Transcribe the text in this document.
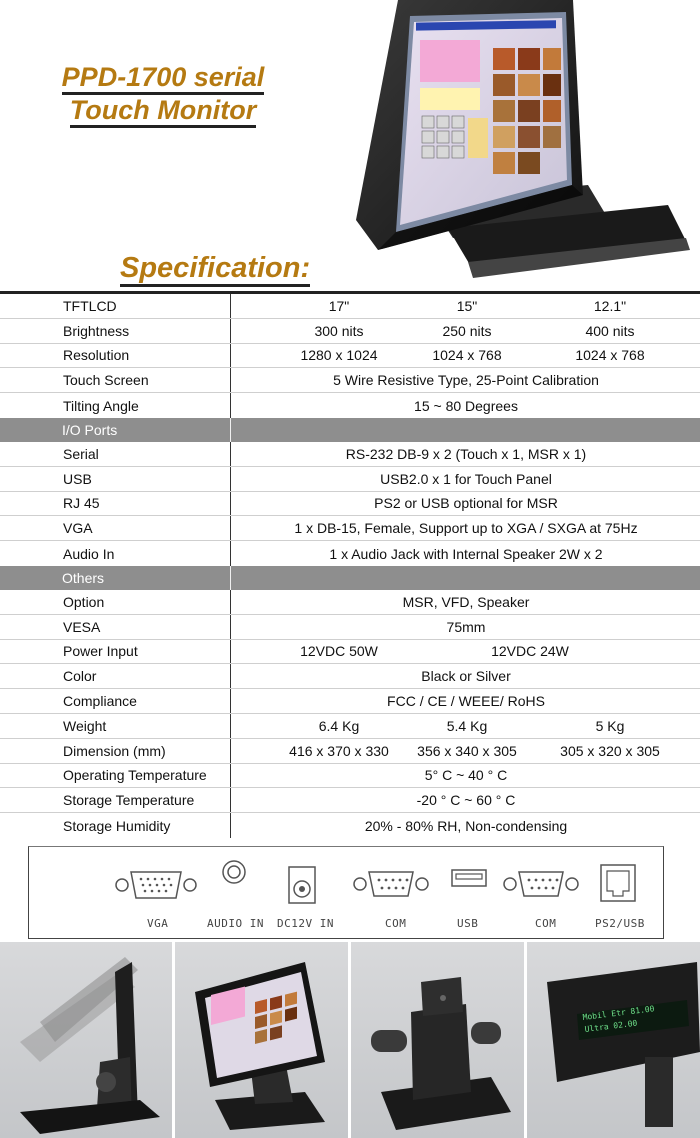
PPD-1700 serial
Touch Monitor
Specification:
TFTLCD	17"	15"	12.1"
Brightness	300 nits	250 nits	400 nits
Resolution	1280 x 1024	1024 x 768	1024 x 768
Touch Screen	5 Wire Resistive Type, 25-Point Calibration
Tilting Angle	15 ~ 80 Degrees
I/O Ports
Serial	RS-232 DB-9 x 2 (Touch x 1, MSR x 1)
USB	USB2.0 x 1 for Touch Panel
RJ 45	PS2 or USB optional for MSR
VGA	1 x DB-15, Female, Support up to XGA / SXGA at 75Hz
Audio In	1 x Audio Jack with Internal Speaker 2W x 2
Others
Option	MSR, VFD, Speaker
VESA	75mm
Power Input	12VDC 50W	12VDC 24W
Color	Black or Silver
Compliance	FCC / CE / WEEE/ RoHS
Weight	6.4 Kg	5.4 Kg	5 Kg
Dimension (mm)	416 x 370 x 330	356 x 340 x 305	305 x 320 x 305
Operating Temperature	5° C ~ 40 ° C
Storage Temperature	-20 ° C ~ 60 ° C
Storage Humidity	20% - 80% RH, Non-condensing
VGA	AUDIO IN DC12V IN	COM	USB	COM	PS2/USB
Mobil Etr 81.00
Ultra 02.00
